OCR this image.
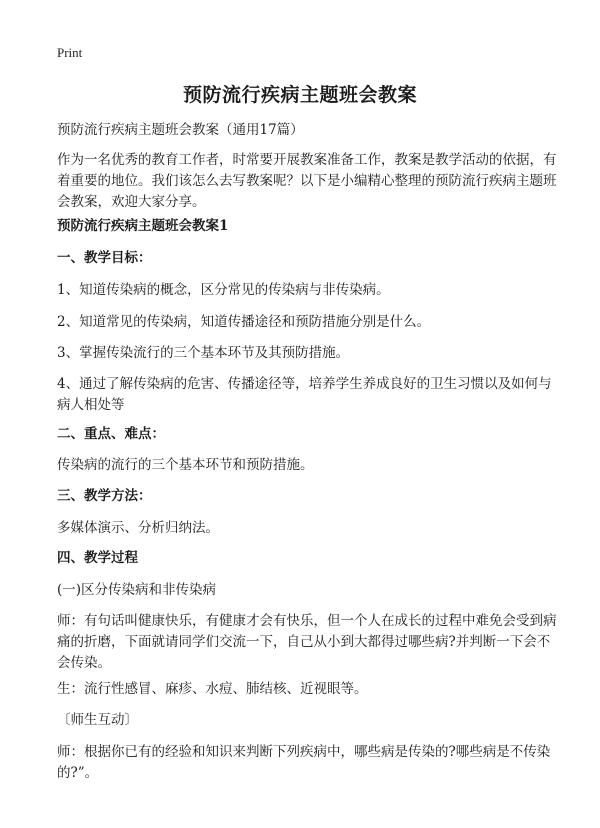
Print
预防流行疾病主题班会教案

预防流行疾病主题班会教案（通用17篇）

作为一名优秀的教育工作者，时常要开展教案准备工作，教案是教学活动的依据，有着重要的地位。我们该怎么去写教案呢？以下是小编精心整理的预防流行疾病主题班会教案，欢迎大家分享。

预防流行疾病主题班会教案1

一、教学目标：

1、知道传染病的概念，区分常见的传染病与非传染病。

2、知道常见的传染病，知道传播途径和预防措施分别是什么。

3、掌握传染流行的三个基本环节及其预防措施。

4、通过了解传染病的危害、传播途径等，培养学生养成良好的卫生习惯以及如何与病人相处等

二、重点、难点：

传染病的流行的三个基本环节和预防措施。

三、教学方法：

多媒体演示、分析归纳法。

四、教学过程

(一)区分传染病和非传染病

师：有句话叫健康快乐，有健康才会有快乐，但一个人在成长的过程中难免会受到病痛的折磨，下面就请同学们交流一下，自己从小到大都得过哪些病?并判断一下会不会传染。

生：流行性感冒、麻疹、水痘、肺结核、近视眼等。

〔师生互动〕

师：根据你已有的经验和知识来判断下列疾病中，哪些病是传染的?哪些病是不传染的?”。
